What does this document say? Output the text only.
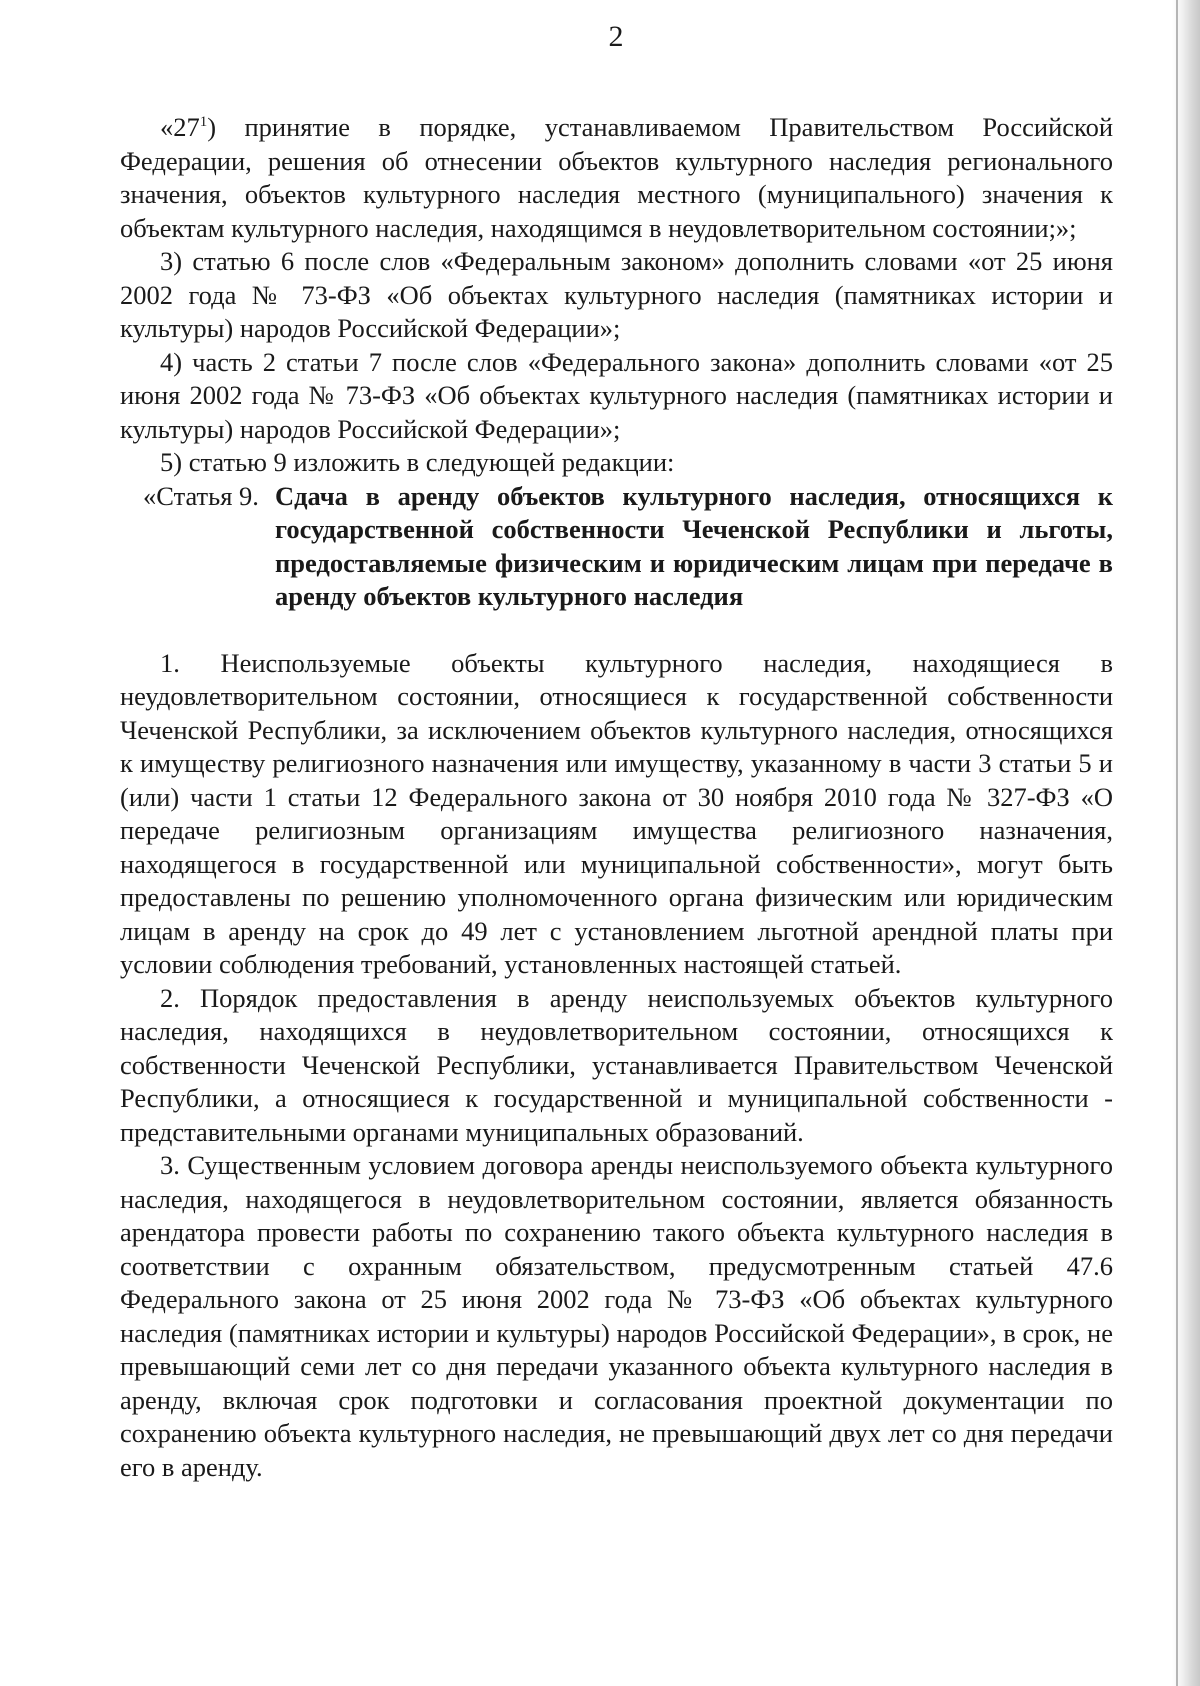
2

«$27^1$) принятие в порядке, устанавливаемом Правительством Российской Федерации, решения об отнесении объектов культурного наследия регионального значения, объектов культурного наследия местного (муниципального) значения к объектам культурного наследия, находящимся в неудовлетворительном состоянии;»;

3) статью 6 после слов «Федеральным законом» дополнить словами «от 25 июня 2002 года № 73-ФЗ «Об объектах культурного наследия (памятниках истории и культуры) народов Российской Федерации»;

4) часть 2 статьи 7 после слов «Федерального закона» дополнить словами «от 25 июня 2002 года № 73-ФЗ «Об объектах культурного наследия (памятниках истории и культуры) народов Российской Федерации»;

5) статью 9 изложить в следующей редакции:

«Статья 9. Сдача в аренду объектов культурного наследия, относящихся к государственной собственности Чеченской Республики и льготы, предоставляемые физическим и юридическим лицам при передаче в аренду объектов культурного наследия

1. Неиспользуемые объекты культурного наследия, находящиеся в неудовлетворительном состоянии, относящиеся к государственной собственности Чеченской Республики, за исключением объектов культурного наследия, относящихся к имуществу религиозного назначения или имуществу, указанному в части 3 статьи 5 и (или) части 1 статьи 12 Федерального закона от 30 ноября 2010 года № 327-ФЗ «О передаче религиозным организациям имущества религиозного назначения, находящегося в государственной или муниципальной собственности», могут быть предоставлены по решению уполномоченного органа физическим или юридическим лицам в аренду на срок до 49 лет с установлением льготной арендной платы при условии соблюдения требований, установленных настоящей статьей.

2. Порядок предоставления в аренду неиспользуемых объектов культурного наследия, находящихся в неудовлетворительном состоянии, относящихся к собственности Чеченской Республики, устанавливается Правительством Чеченской Республики, а относящиеся к государственной и муниципальной собственности - представительными органами муниципальных образований.

3. Существенным условием договора аренды неиспользуемого объекта культурного наследия, находящегося в неудовлетворительном состоянии, является обязанность арендатора провести работы по сохранению такого объекта культурного наследия в соответствии с охранным обязательством, предусмотренным статьей 47.6 Федерального закона от 25 июня 2002 года № 73-ФЗ «Об объектах культурного наследия (памятниках истории и культуры) народов Российской Федерации», в срок, не превышающий семи лет со дня передачи указанного объекта культурного наследия в аренду, включая срок подготовки и согласования проектной документации по сохранению объекта культурного наследия, не превышающий двух лет со дня передачи его в аренду.
